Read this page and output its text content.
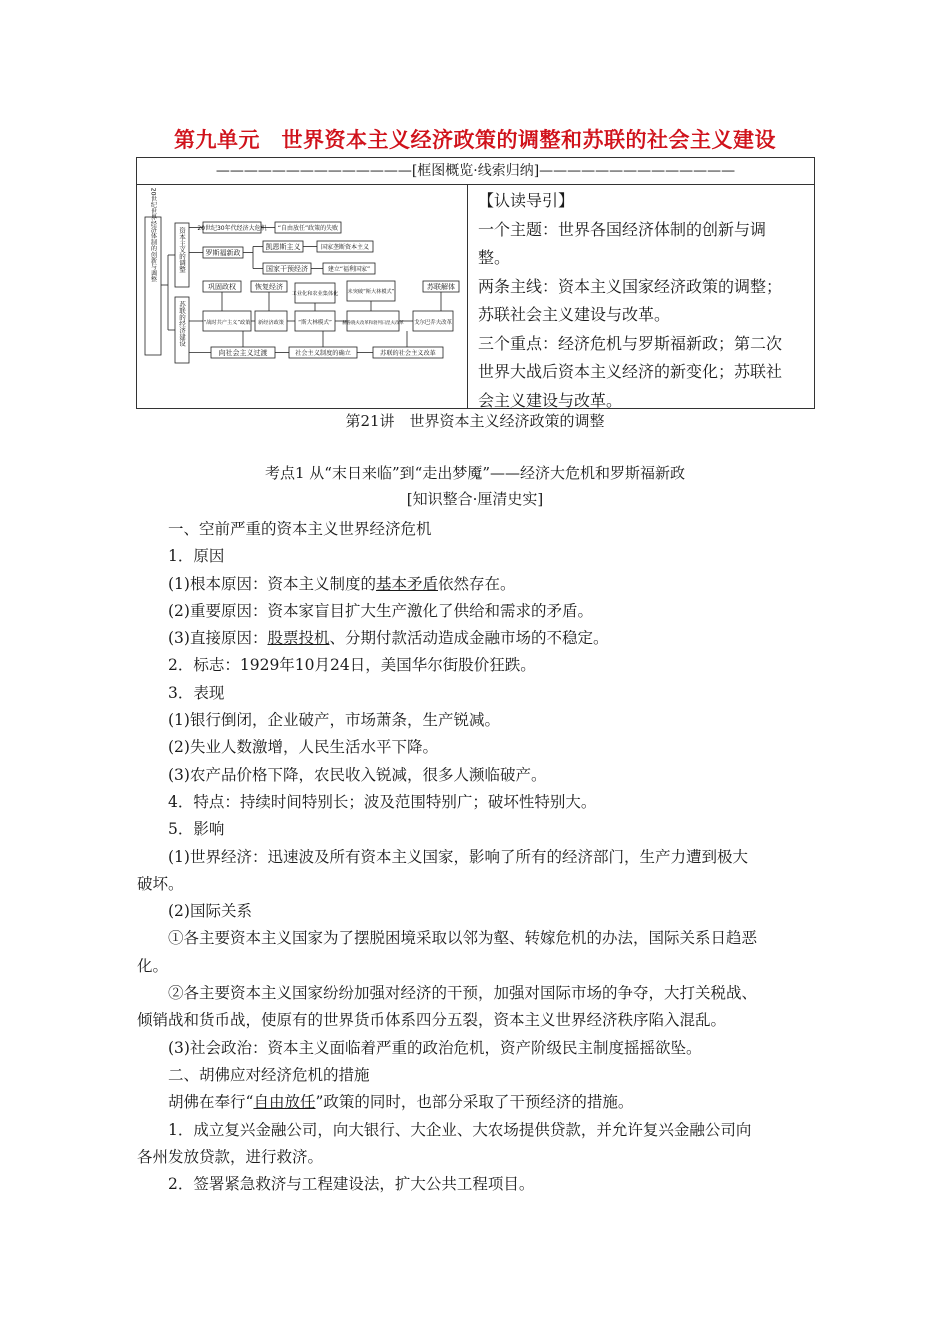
第九单元　世界资本主义经济政策的调整和苏联的社会主义建设
——————————————[框图概览·线索归纳]——————————————
20世纪世界经济体制的创新与调整	资本主义的调整
苏联的经济建设
20世纪30年代经济大危机 “自由放任”政策的失败
罗斯福新政
凯恩斯主义	国家垄断资本主义
国家干预经济	建立“福利国家”
巩固政权	恢复经济
工业化和农业集体化 未突破“斯大林模式”
苏联解体
“战时共产主义”政策 新经济政策	“斯大林模式” 赫鲁晓夫改革和勃列日涅夫改革 戈尔巴乔夫改革
向社会主义过渡	社会主义制度的确立	苏联的社会主义改革
【认读导引】
一个主题：世界各国经济体制的创新与调
整。
两条主线：资本主义国家经济政策的调整；
苏联社会主义建设与改革。
三个重点：经济危机与罗斯福新政；第二次
世界大战后资本主义经济的新变化；苏联社
会主义建设与改革。
第21讲　世界资本主义经济政策的调整
考点1 从“末日来临”到“走出梦魇”——经济大危机和罗斯福新政
[知识整合·厘清史实]

一、空前严重的资本主义世界经济危机

1．原因

(1)根本原因：资本主义制度的基本矛盾依然存在。

(2)重要原因：资本家盲目扩大生产激化了供给和需求的矛盾。

(3)直接原因：股票投机、分期付款活动造成金融市场的不稳定。

2．标志：1929年10月24日，美国华尔街股价狂跌。

3．表现

(1)银行倒闭，企业破产，市场萧条，生产锐减。

(2)失业人数激增，人民生活水平下降。

(3)农产品价格下降，农民收入锐减，很多人濒临破产。

4．特点：持续时间特别长；波及范围特别广；破坏性特别大。

5．影响

(1)世界经济：迅速波及所有资本主义国家，影响了所有的经济部门，生产力遭到极大

破坏。

(2)国际关系

①各主要资本主义国家为了摆脱困境采取以邻为壑、转嫁危机的办法，国际关系日趋恶

化。

②各主要资本主义国家纷纷加强对经济的干预，加强对国际市场的争夺，大打关税战、

倾销战和货币战，使原有的世界货币体系四分五裂，资本主义世界经济秩序陷入混乱。

(3)社会政治：资本主义面临着严重的政治危机，资产阶级民主制度摇摇欲坠。

二、胡佛应对经济危机的措施

胡佛在奉行“自由放任”政策的同时，也部分采取了干预经济的措施。

1．成立复兴金融公司，向大银行、大企业、大农场提供贷款，并允许复兴金融公司向

各州发放贷款，进行救济。

2．签署紧急救济与工程建设法，扩大公共工程项目。
